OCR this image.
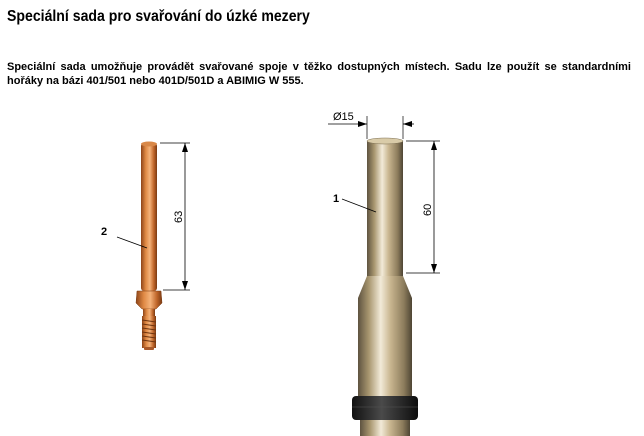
Speciální sada pro svařování do úzké mezery
Speciální sada umožňuje provádět svařované spoje v těžko dostupných místech. Sadu lze použít se standardními hořáky na bázi 401/501 nebo 401D/501D a ABIMIG W 555.
2
63
Ø15
1
60
